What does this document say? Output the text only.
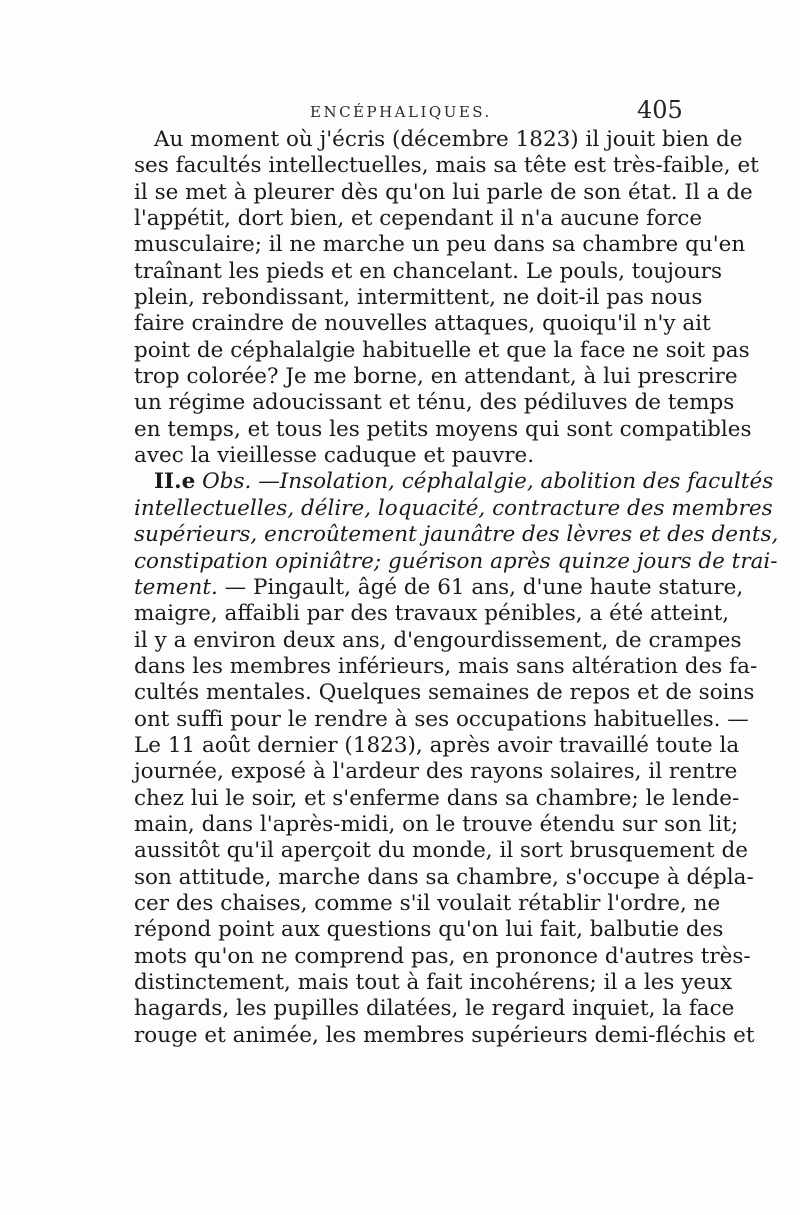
ENCÉPHALIQUES.	405
Au moment où j'écris (décembre 1823) il jouit bien de
ses facultés intellectuelles, mais sa tête est très-faible, et
il se met à pleurer dès qu'on lui parle de son état. Il a de
l'appétit, dort bien, et cependant il n'a aucune force
musculaire; il ne marche un peu dans sa chambre qu'en
traînant les pieds et en chancelant. Le pouls, toujours
plein, rebondissant, intermittent, ne doit-il pas nous
faire craindre de nouvelles attaques, quoiqu'il n'y ait
point de céphalalgie habituelle et que la face ne soit pas
trop colorée? Je me borne, en attendant, à lui prescrire
un régime adoucissant et ténu, des pédiluves de temps
en temps, et tous les petits moyens qui sont compatibles
avec la vieillesse caduque et pauvre.
II.e Obs. —Insolation, céphalalgie, abolition des facultés
intellectuelles, délire, loquacité, contracture des membres
supérieurs, encroûtement jaunâtre des lèvres et des dents,
constipation opiniâtre; guérison après quinze jours de trai-
tement. — Pingault, âgé de 61 ans, d'une haute stature,
maigre, affaibli par des travaux pénibles, a été atteint,
il y a environ deux ans, d'engourdissement, de crampes
dans les membres inférieurs, mais sans altération des fa-
cultés mentales. Quelques semaines de repos et de soins
ont suffi pour le rendre à ses occupations habituelles. —
Le 11 août dernier (1823), après avoir travaillé toute la
journée, exposé à l'ardeur des rayons solaires, il rentre
chez lui le soir, et s'enferme dans sa chambre; le lende-
main, dans l'après-midi, on le trouve étendu sur son lit;
aussitôt qu'il aperçoit du monde, il sort brusquement de
son attitude, marche dans sa chambre, s'occupe à dépla-
cer des chaises, comme s'il voulait rétablir l'ordre, ne
répond point aux questions qu'on lui fait, balbutie des
mots qu'on ne comprend pas, en prononce d'autres très-
distinctement, mais tout à fait incohérens; il a les yeux
hagards, les pupilles dilatées, le regard inquiet, la face
rouge et animée, les membres supérieurs demi-fléchis et
